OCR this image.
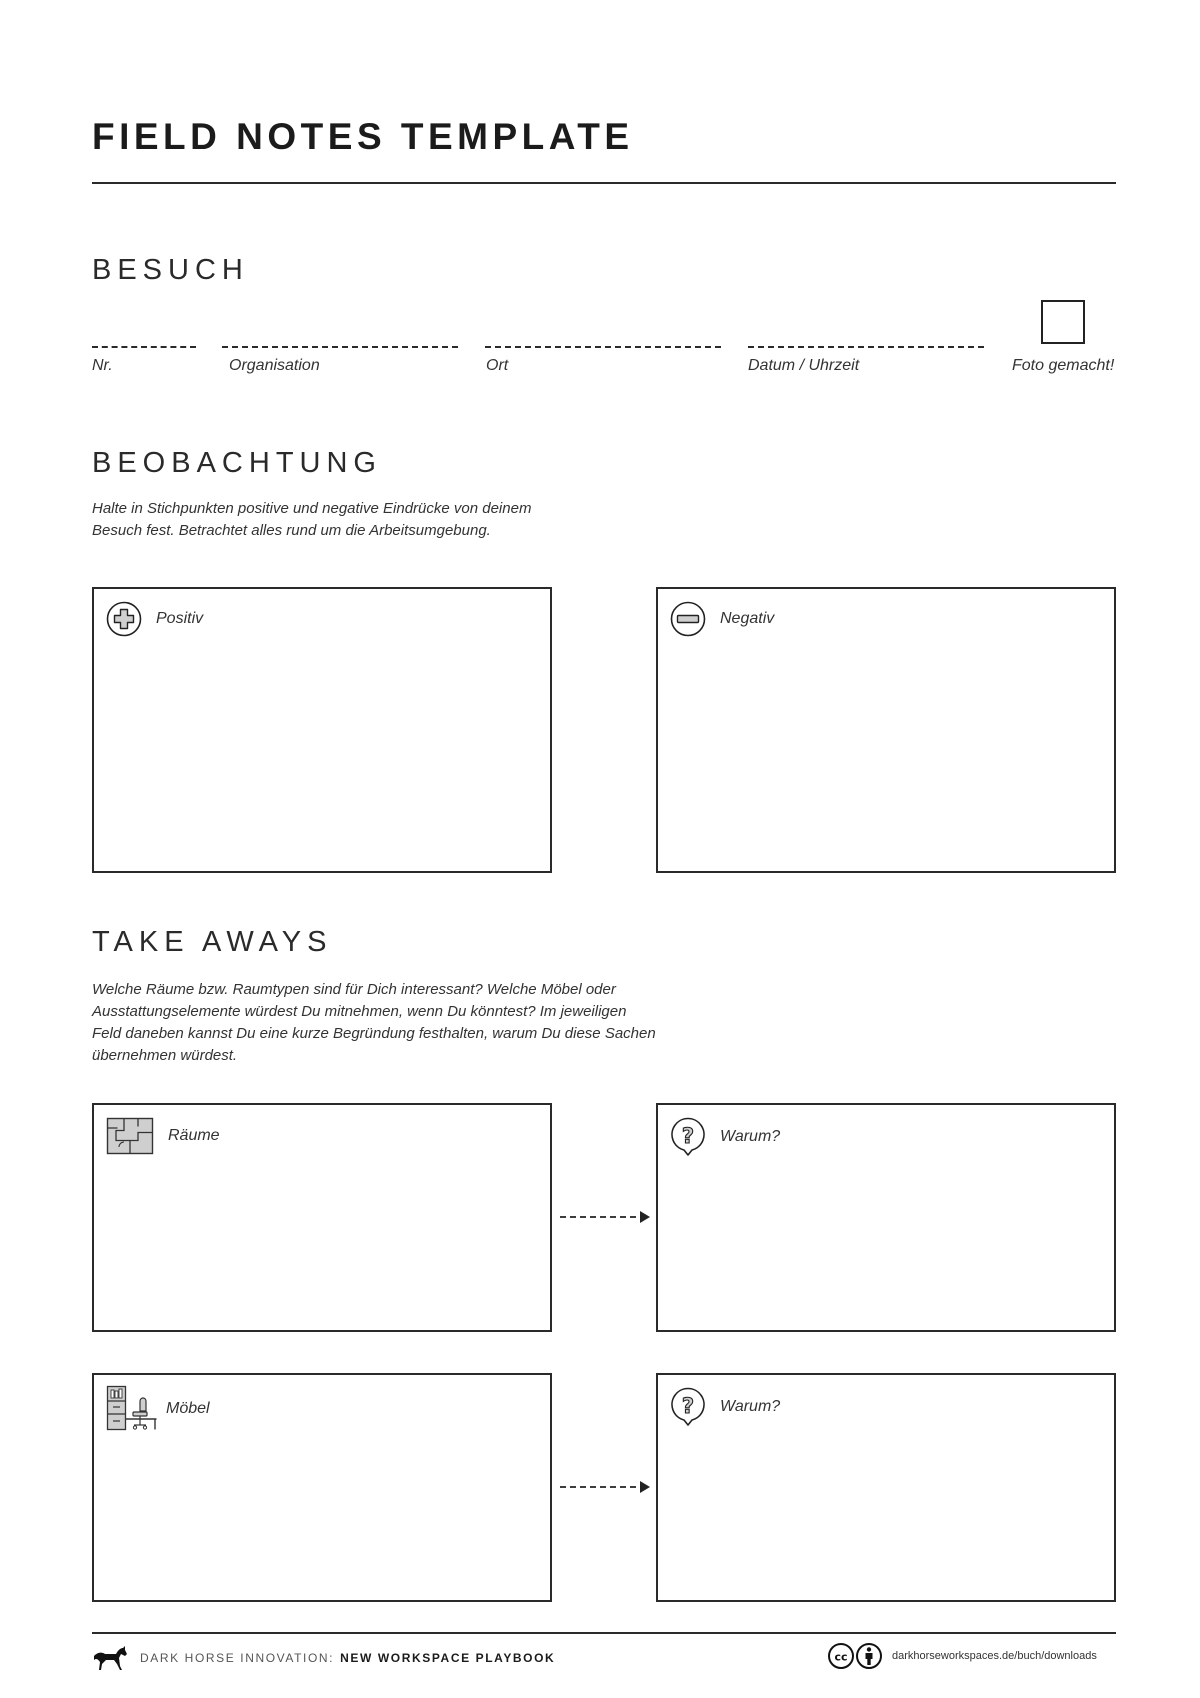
FIELD NOTES TEMPLATE
BESUCH
Nr.	Organisation	Ort	Datum / Uhrzeit	Foto gemacht!
BEOBACHTUNG

Halte in Stichpunkten positive und negative Eindrücke von deinem
Besuch fest. Betrachtet alles rund um die Arbeitsumgebung.

Positiv	Negativ
TAKE AWAYS

Welche Räume bzw. Raumtypen sind für Dich interessant? Welche Möbel oder
Ausstattungselemente würdest Du mitnehmen, wenn Du könntest? Im jeweiligen
Feld daneben kannst Du eine kurze Begründung festhalten, warum Du diese Sachen
übernehmen würdest.

Räume	? Warum?
Möbel	? Warum?
DARK HORSE INNOVATION: NEW WORKSPACE PLAYBOOK	cc	darkhorseworkspaces.de/buch/downloads
